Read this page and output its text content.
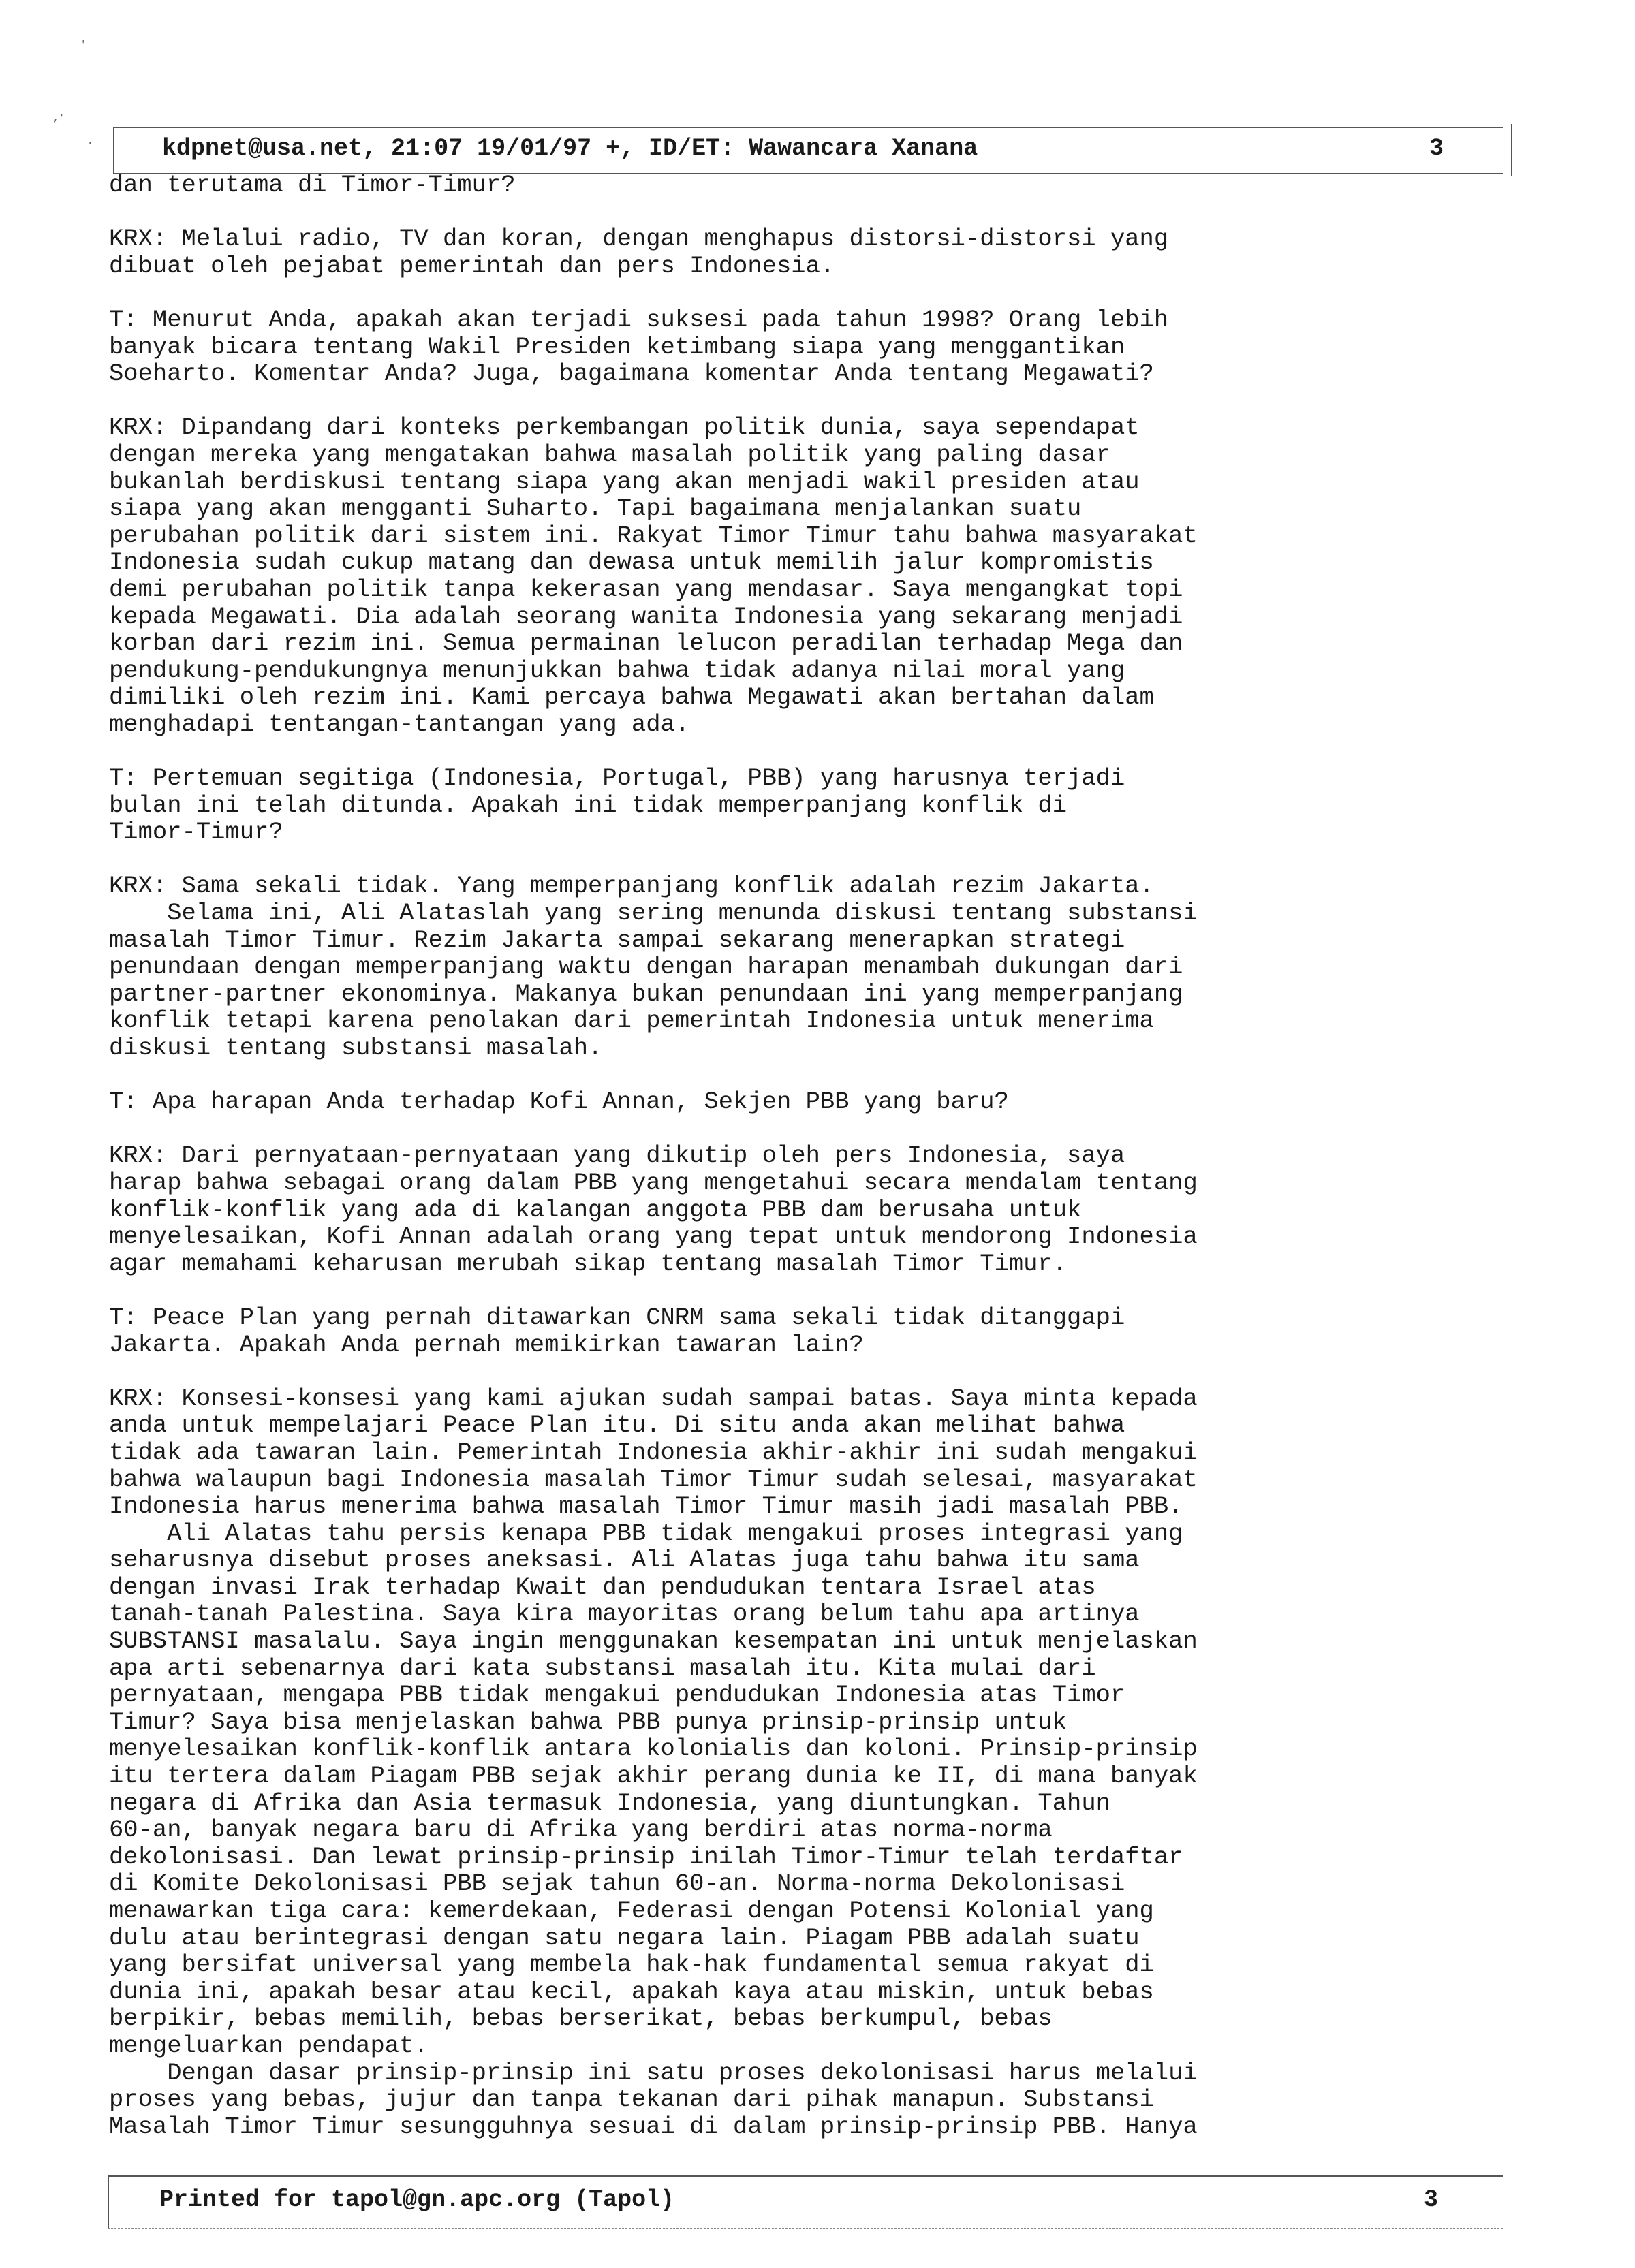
'
,'
.	kdpnet@usa.net, 21:07 19/01/97 +, ID/ET: Wawancara Xanana	3
dan terutama di Timor-Timur?
KRX: Melalui radio, TV dan koran, dengan menghapus distorsi-distorsi yang
dibuat oleh pejabat pemerintah dan pers Indonesia.
T: Menurut Anda, apakah akan terjadi suksesi pada tahun 1998? Orang lebih
banyak bicara tentang Wakil Presiden ketimbang siapa yang menggantikan
Soeharto. Komentar Anda? Juga, bagaimana komentar Anda tentang Megawati?
KRX: Dipandang dari konteks perkembangan politik dunia, saya sependapat
dengan mereka yang mengatakan bahwa masalah politik yang paling dasar
bukanlah berdiskusi tentang siapa yang akan menjadi wakil presiden atau
siapa yang akan mengganti Suharto. Tapi bagaimana menjalankan suatu
perubahan politik dari sistem ini. Rakyat Timor Timur tahu bahwa masyarakat
Indonesia sudah cukup matang dan dewasa untuk memilih jalur kompromistis
demi perubahan politik tanpa kekerasan yang mendasar. Saya mengangkat topi
kepada Megawati. Dia adalah seorang wanita Indonesia yang sekarang menjadi
korban dari rezim ini. Semua permainan lelucon peradilan terhadap Mega dan
pendukung-pendukungnya menunjukkan bahwa tidak adanya nilai moral yang
dimiliki oleh rezim ini. Kami percaya bahwa Megawati akan bertahan dalam
menghadapi tentangan-tantangan yang ada.
T: Pertemuan segitiga (Indonesia, Portugal, PBB) yang harusnya terjadi
bulan ini telah ditunda. Apakah ini tidak memperpanjang konflik di
Timor-Timur?
KRX: Sama sekali tidak. Yang memperpanjang konflik adalah rezim Jakarta.
Selama ini, Ali Alataslah yang sering menunda diskusi tentang substansi
masalah Timor Timur. Rezim Jakarta sampai sekarang menerapkan strategi
penundaan dengan memperpanjang waktu dengan harapan menambah dukungan dari
partner-partner ekonominya. Makanya bukan penundaan ini yang memperpanjang
konflik tetapi karena penolakan dari pemerintah Indonesia untuk menerima
diskusi tentang substansi masalah.
T: Apa harapan Anda terhadap Kofi Annan, Sekjen PBB yang baru?
KRX: Dari pernyataan-pernyataan yang dikutip oleh pers Indonesia, saya
harap bahwa sebagai orang dalam PBB yang mengetahui secara mendalam tentang
konflik-konflik yang ada di kalangan anggota PBB dam berusaha untuk
menyelesaikan, Kofi Annan adalah orang yang tepat untuk mendorong Indonesia
agar memahami keharusan merubah sikap tentang masalah Timor Timur.
T: Peace Plan yang pernah ditawarkan CNRM sama sekali tidak ditanggapi
Jakarta. Apakah Anda pernah memikirkan tawaran lain?
KRX: Konsesi-konsesi yang kami ajukan sudah sampai batas. Saya minta kepada
anda untuk mempelajari Peace Plan itu. Di situ anda akan melihat bahwa
tidak ada tawaran lain. Pemerintah Indonesia akhir-akhir ini sudah mengakui
bahwa walaupun bagi Indonesia masalah Timor Timur sudah selesai, masyarakat
Indonesia harus menerima bahwa masalah Timor Timur masih jadi masalah PBB.
Ali Alatas tahu persis kenapa PBB tidak mengakui proses integrasi yang
seharusnya disebut proses aneksasi. Ali Alatas juga tahu bahwa itu sama
dengan invasi Irak terhadap Kwait dan pendudukan tentara Israel atas
tanah-tanah Palestina. Saya kira mayoritas orang belum tahu apa artinya
SUBSTANSI masalalu. Saya ingin menggunakan kesempatan ini untuk menjelaskan
apa arti sebenarnya dari kata substansi masalah itu. Kita mulai dari
pernyataan, mengapa PBB tidak mengakui pendudukan Indonesia atas Timor
Timur? Saya bisa menjelaskan bahwa PBB punya prinsip-prinsip untuk
menyelesaikan konflik-konflik antara kolonialis dan koloni. Prinsip-prinsip
itu tertera dalam Piagam PBB sejak akhir perang dunia ke II, di mana banyak
negara di Afrika dan Asia termasuk Indonesia, yang diuntungkan. Tahun
60-an, banyak negara baru di Afrika yang berdiri atas norma-norma
dekolonisasi. Dan lewat prinsip-prinsip inilah Timor-Timur telah terdaftar
di Komite Dekolonisasi PBB sejak tahun 60-an. Norma-norma Dekolonisasi
menawarkan tiga cara: kemerdekaan, Federasi dengan Potensi Kolonial yang
dulu atau berintegrasi dengan satu negara lain. Piagam PBB adalah suatu
yang bersifat universal yang membela hak-hak fundamental semua rakyat di
dunia ini, apakah besar atau kecil, apakah kaya atau miskin, untuk bebas
berpikir, bebas memilih, bebas berserikat, bebas berkumpul, bebas
mengeluarkan pendapat.
Dengan dasar prinsip-prinsip ini satu proses dekolonisasi harus melalui
proses yang bebas, jujur dan tanpa tekanan dari pihak manapun. Substansi
Masalah Timor Timur sesungguhnya sesuai di dalam prinsip-prinsip PBB. Hanya
Printed for tapol@gn.apc.org (Tapol)	3
